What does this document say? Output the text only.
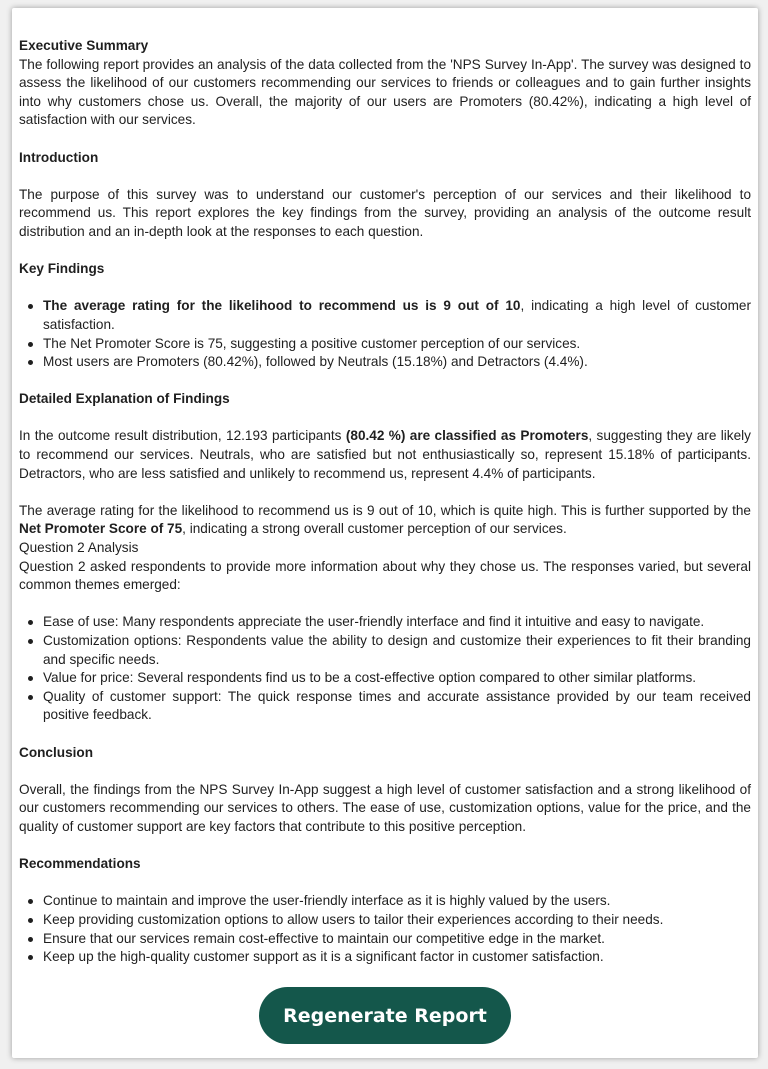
Executive Summary
The following report provides an analysis of the data collected from the 'NPS Survey In-App'. The survey was designed to assess the likelihood of our customers recommending our services to friends or colleagues and to gain further insights into why customers chose us. Overall, the majority of our users are Promoters (80.42%), indicating a high level of satisfaction with our services.
Introduction
The purpose of this survey was to understand our customer's perception of our services and their likelihood to recommend us. This report explores the key findings from the survey, providing an analysis of the outcome result distribution and an in-depth look at the responses to each question.
Key Findings
The average rating for the likelihood to recommend us is 9 out of 10, indicating a high level of customer satisfaction.
The Net Promoter Score is 75, suggesting a positive customer perception of our services.
Most users are Promoters (80.42%), followed by Neutrals (15.18%) and Detractors (4.4%).
Detailed Explanation of Findings
In the outcome result distribution, 12.193 participants (80.42 %) are classified as Promoters, suggesting they are likely to recommend our services. Neutrals, who are satisfied but not enthusiastically so, represent 15.18% of participants. Detractors, who are less satisfied and unlikely to recommend us, represent 4.4% of participants.
The average rating for the likelihood to recommend us is 9 out of 10, which is quite high. This is further supported by the Net Promoter Score of 75, indicating a strong overall customer perception of our services.
Question 2 Analysis
Question 2 asked respondents to provide more information about why they chose us. The responses varied, but several common themes emerged:
Ease of use: Many respondents appreciate the user-friendly interface and find it intuitive and easy to navigate.
Customization options: Respondents value the ability to design and customize their experiences to fit their branding and specific needs.
Value for price: Several respondents find us to be a cost-effective option compared to other similar platforms.
Quality of customer support: The quick response times and accurate assistance provided by our team received positive feedback.
Conclusion
Overall, the findings from the NPS Survey In-App suggest a high level of customer satisfaction and a strong likelihood of our customers recommending our services to others. The ease of use, customization options, value for the price, and the quality of customer support are key factors that contribute to this positive perception.
Recommendations
Continue to maintain and improve the user-friendly interface as it is highly valued by the users.
Keep providing customization options to allow users to tailor their experiences according to their needs.
Ensure that our services remain cost-effective to maintain our competitive edge in the market.
Keep up the high-quality customer support as it is a significant factor in customer satisfaction.
Regenerate Report
